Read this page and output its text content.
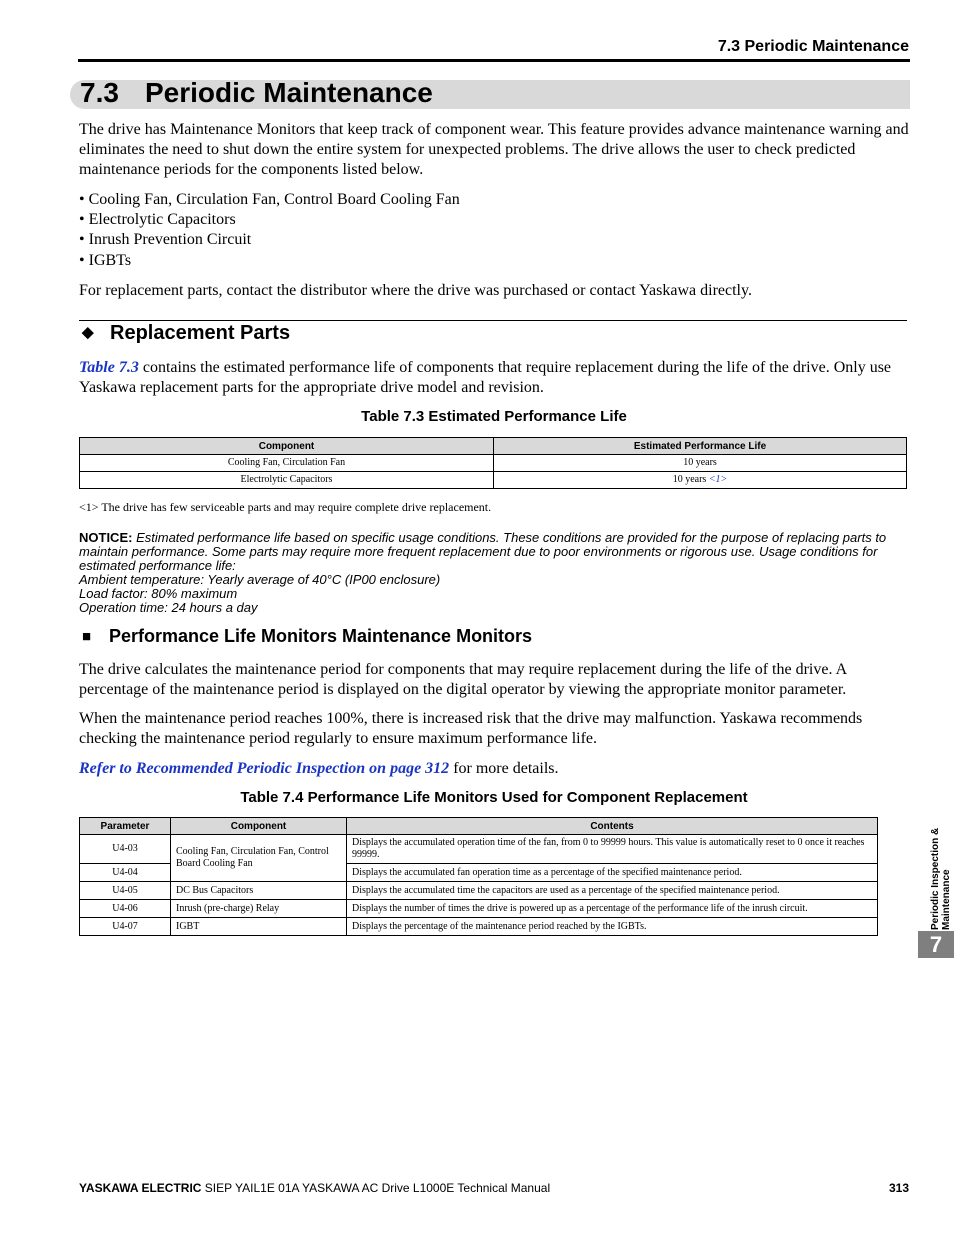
7.3 Periodic Maintenance
7.3 Periodic Maintenance
The drive has Maintenance Monitors that keep track of component wear. This feature provides advance maintenance warning and eliminates the need to shut down the entire system for unexpected problems. The drive allows the user to check predicted maintenance periods for the components listed below.
• Cooling Fan, Circulation Fan, Control Board Cooling Fan
• Electrolytic Capacitors
• Inrush Prevention Circuit
• IGBTs
For replacement parts, contact the distributor where the drive was purchased or contact Yaskawa directly.
◆ Replacement Parts
Table 7.3 contains the estimated performance life of components that require replacement during the life of the drive. Only use Yaskawa replacement parts for the appropriate drive model and revision.
Table 7.3 Estimated Performance Life
Component	Estimated Performance Life
Cooling Fan, Circulation Fan	10 years
Electrolytic Capacitors	10 years <1>
<1> The drive has few serviceable parts and may require complete drive replacement.
NOTICE: Estimated performance life based on specific usage conditions. These conditions are provided for the purpose of replacing parts to maintain performance. Some parts may require more frequent replacement due to poor environments or rigorous use. Usage conditions for estimated performance life:
Ambient temperature: Yearly average of 40°C (IP00 enclosure)
Load factor: 80% maximum
Operation time: 24 hours a day
■ Performance Life Monitors Maintenance Monitors
The drive calculates the maintenance period for components that may require replacement during the life of the drive. A percentage of the maintenance period is displayed on the digital operator by viewing the appropriate monitor parameter.
When the maintenance period reaches 100%, there is increased risk that the drive may malfunction. Yaskawa recommends checking the maintenance period regularly to ensure maximum performance life.
Refer to Recommended Periodic Inspection on page 312 for more details.
Table 7.4 Performance Life Monitors Used for Component Replacement
Parameter	Component	Contents
U4-03	Cooling Fan, Circulation Fan, Control Board Cooling Fan	Displays the accumulated operation time of the fan, from 0 to 99999 hours. This value is automatically reset to 0 once it reaches 99999.
U4-04		Displays the accumulated fan operation time as a percentage of the specified maintenance period.
U4-05	DC Bus Capacitors	Displays the accumulated time the capacitors are used as a percentage of the specified maintenance period.
U4-06	Inrush (pre-charge) Relay	Displays the number of times the drive is powered up as a percentage of the performance life of the inrush circuit.
U4-07	IGBT	Displays the percentage of the maintenance period reached by the IGBTs.	Periodic Inspection & Maintenance
7
YASKAWA ELECTRIC SIEP YAIL1E 01A YASKAWA AC Drive L1000E Technical Manual	313
